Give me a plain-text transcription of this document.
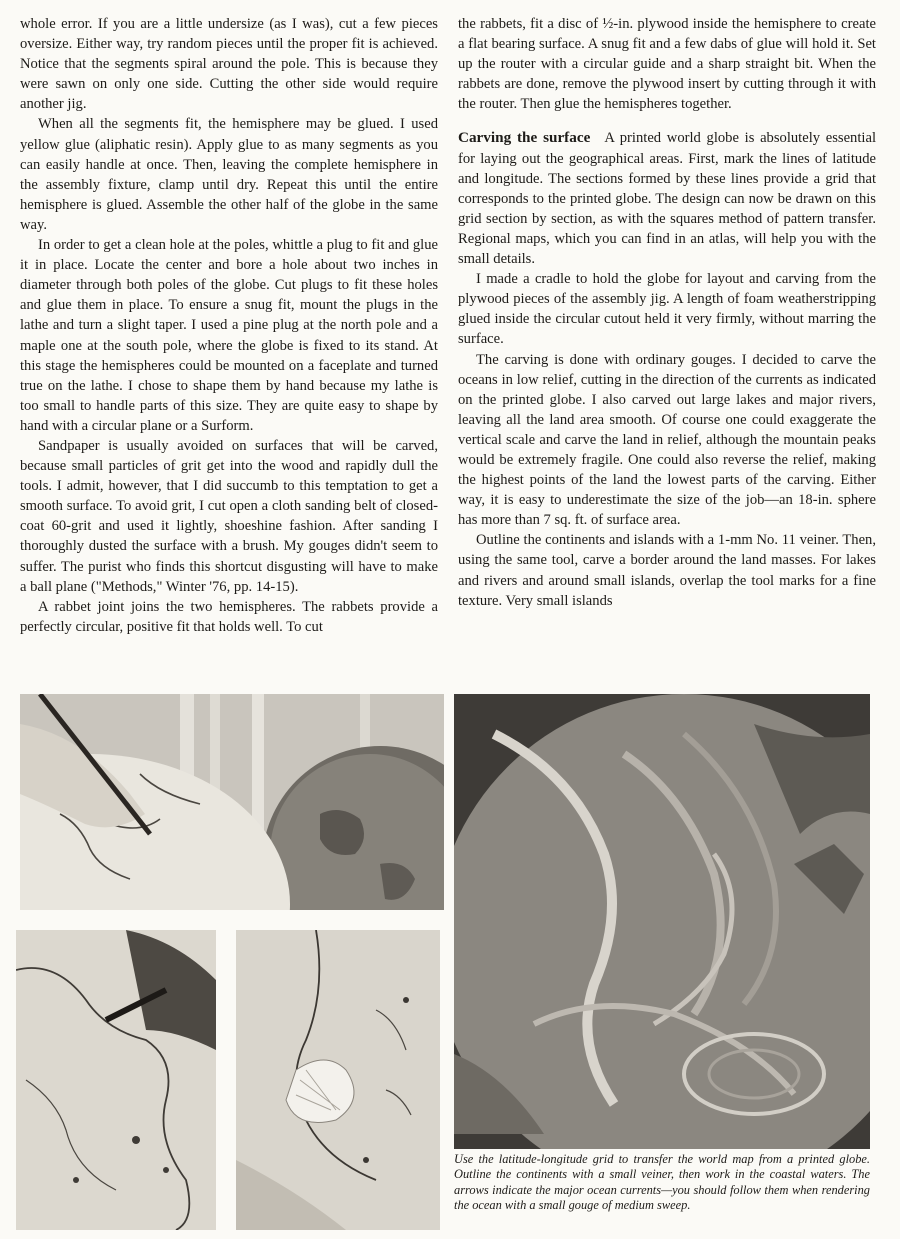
whole error. If you are a little undersize (as I was), cut a few pieces oversize. Either way, try random pieces until the proper fit is achieved. Notice that the segments spiral around the pole. This is because they were sawn on only one side. Cutting the other side would require another jig.

When all the segments fit, the hemisphere may be glued. I used yellow glue (aliphatic resin). Apply glue to as many segments as you can easily handle at once. Then, leaving the complete hemisphere in the assembly fixture, clamp until dry. Repeat this until the entire hemisphere is glued. Assemble the other half of the globe in the same way.

In order to get a clean hole at the poles, whittle a plug to fit and glue it in place. Locate the center and bore a hole about two inches in diameter through both poles of the globe. Cut plugs to fit these holes and glue them in place. To ensure a snug fit, mount the plugs in the lathe and turn a slight taper. I used a pine plug at the north pole and a maple one at the south pole, where the globe is fixed to its stand. At this stage the hemispheres could be mounted on a faceplate and turned true on the lathe. I chose to shape them by hand because my lathe is too small to handle parts of this size. They are quite easy to shape by hand with a circular plane or a Surform.

Sandpaper is usually avoided on surfaces that will be carved, because small particles of grit get into the wood and rapidly dull the tools. I admit, however, that I did succumb to this temptation to get a smooth surface. To avoid grit, I cut open a cloth sanding belt of closed-coat 60-grit and used it lightly, shoeshine fashion. After sanding I thoroughly dusted the surface with a brush. My gouges didn't seem to suffer. The purist who finds this shortcut disgusting will have to make a ball plane ("Methods," Winter '76, pp. 14-15).

A rabbet joint joins the two hemispheres. The rabbets provide a perfectly circular, positive fit that holds well. To cut

the rabbets, fit a disc of ½-in. plywood inside the hemisphere to create a flat bearing surface. A snug fit and a few dabs of glue will hold it. Set up the router with a circular guide and a sharp straight bit. When the rabbets are done, remove the plywood insert by cutting through it with the router. Then glue the hemispheres together.

Carving the surface A printed world globe is absolutely essential for laying out the geographical areas. First, mark the lines of latitude and longitude. The sections formed by these lines provide a grid that corresponds to the printed globe. The design can now be drawn on this grid section by section, as with the squares method of pattern transfer. Regional maps, which you can find in an atlas, will help you with the small details.

I made a cradle to hold the globe for layout and carving from the plywood pieces of the assembly jig. A length of foam weatherstripping glued inside the circular cutout held it very firmly, without marring the surface.

The carving is done with ordinary gouges. I decided to carve the oceans in low relief, cutting in the direction of the currents as indicated on the printed globe. I also carved out large lakes and major rivers, leaving all the land area smooth. Of course one could exaggerate the vertical scale and carve the land in relief, although the mountain peaks would be extremely fragile. One could also reverse the relief, making the highest points of the land the lowest parts of the carving. Either way, it is easy to underestimate the size of the job—an 18-in. sphere has more than 7 sq. ft. of surface area.

Outline the continents and islands with a 1-mm No. 11 veiner. Then, using the same tool, carve a border around the land masses. For lakes and rivers and around small islands, overlap the tool marks for a fine texture. Very small islands

Use the latitude-longitude grid to transfer the world map from a printed globe. Outline the continents with a small veiner, then work in the coastal waters. The arrows indicate the major ocean currents—you should follow them when rendering the ocean with a small gouge of medium sweep.
